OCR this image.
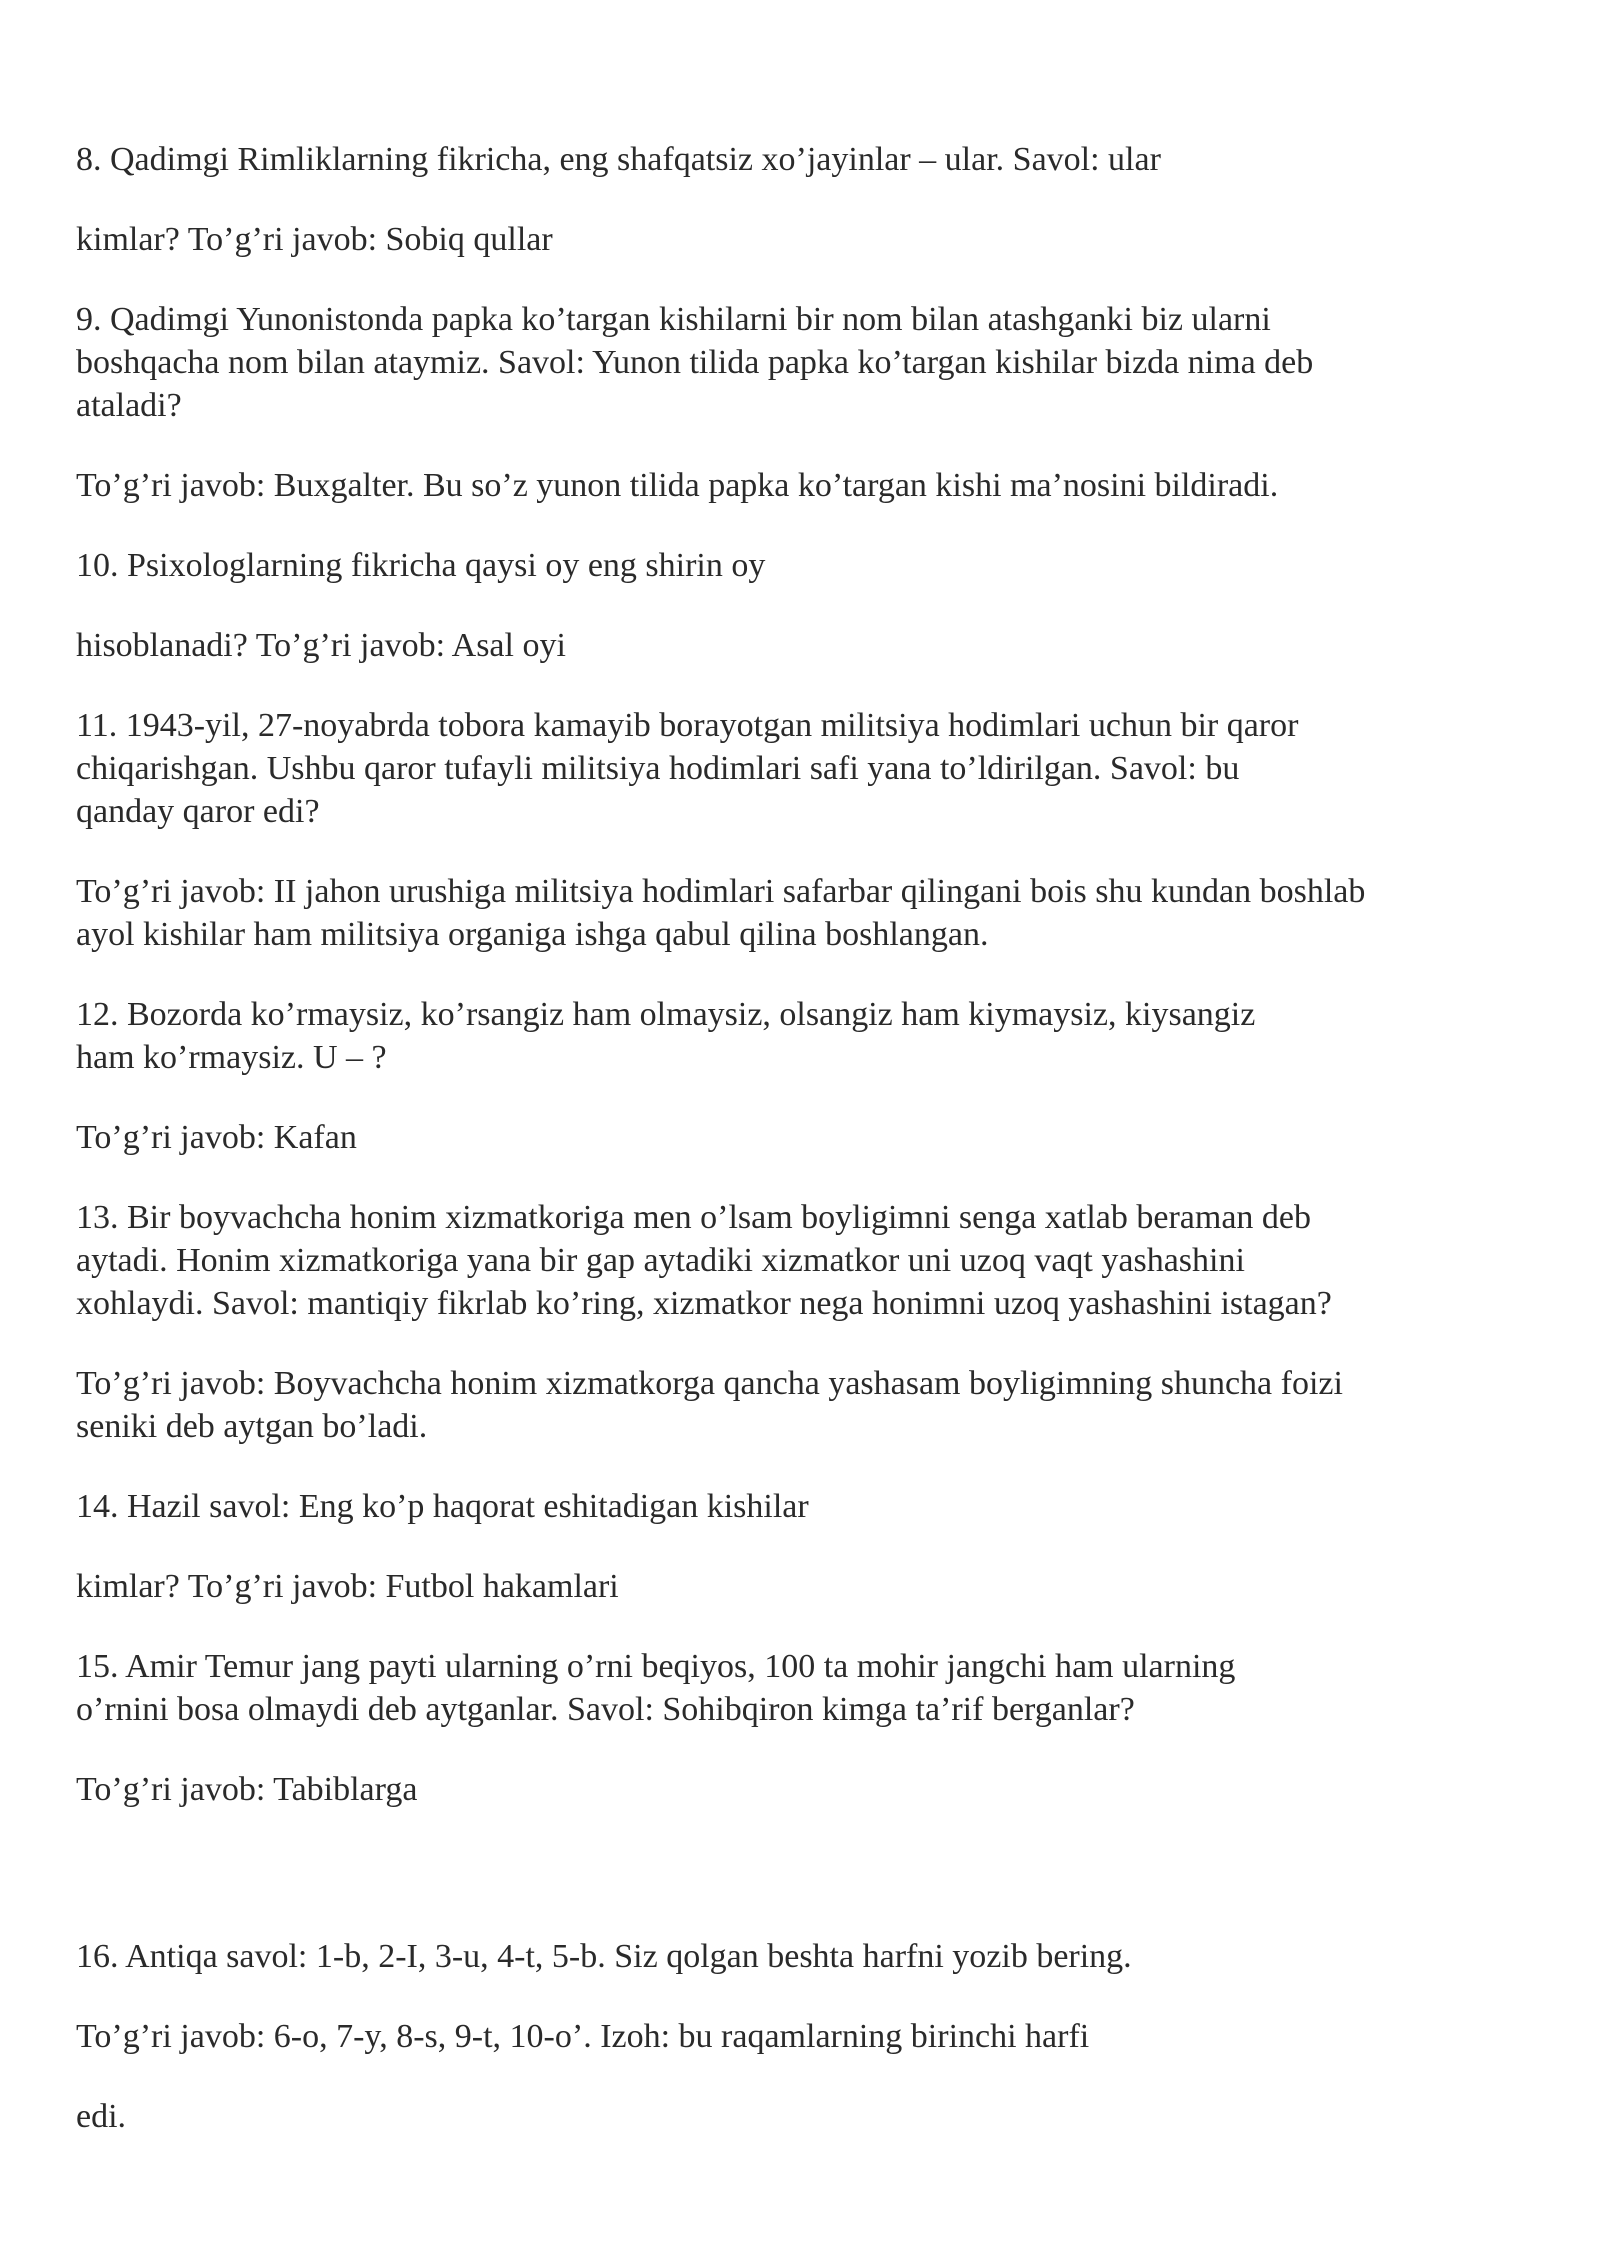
8. Qadimgi Rimliklarning fikricha, eng shafqatsiz xo’jayinlar – ular. Savol: ular

kimlar? To’g’ri javob: Sobiq qullar

9. Qadimgi Yunonistonda papka ko’targan kishilarni bir nom bilan atashganki biz ularni

boshqacha nom bilan ataymiz. Savol: Yunon tilida papka ko’targan kishilar bizda nima deb

ataladi?

To’g’ri javob: Buxgalter. Bu so’z yunon tilida papka ko’targan kishi ma’nosini bildiradi.

10. Psixologlarning fikricha qaysi oy eng shirin oy

hisoblanadi? To’g’ri javob: Asal oyi

11. 1943-yil, 27-noyabrda tobora kamayib borayotgan militsiya hodimlari uchun bir qaror

chiqarishgan. Ushbu qaror tufayli militsiya hodimlari safi yana to’ldirilgan. Savol: bu

qanday qaror edi?

To’g’ri javob: II jahon urushiga militsiya hodimlari safarbar qilingani bois shu kundan boshlab

ayol kishilar ham militsiya organiga ishga qabul qilina boshlangan.

12. Bozorda ko’rmaysiz, ko’rsangiz ham olmaysiz, olsangiz ham kiymaysiz, kiysangiz

ham ko’rmaysiz. U – ?

To’g’ri javob: Kafan

13. Bir boyvachcha honim xizmatkoriga men o’lsam boyligimni senga xatlab beraman deb

aytadi. Honim xizmatkoriga yana bir gap aytadiki xizmatkor uni uzoq vaqt yashashini

xohlaydi. Savol: mantiqiy fikrlab ko’ring, xizmatkor nega honimni uzoq yashashini istagan?

To’g’ri javob: Boyvachcha honim xizmatkorga qancha yashasam boyligimning shuncha foizi

seniki deb aytgan bo’ladi.

14. Hazil savol: Eng ko’p haqorat eshitadigan kishilar

kimlar? To’g’ri javob: Futbol hakamlari

15. Amir Temur jang payti ularning o’rni beqiyos, 100 ta mohir jangchi ham ularning

o’rnini bosa olmaydi deb aytganlar. Savol: Sohibqiron kimga ta’rif berganlar?

To’g’ri javob: Tabiblarga

16. Antiqa savol: 1-b, 2-I, 3-u, 4-t, 5-b. Siz qolgan beshta harfni yozib bering.

To’g’ri javob: 6-o, 7-y, 8-s, 9-t, 10-o’. Izoh: bu raqamlarning birinchi harfi

edi.
